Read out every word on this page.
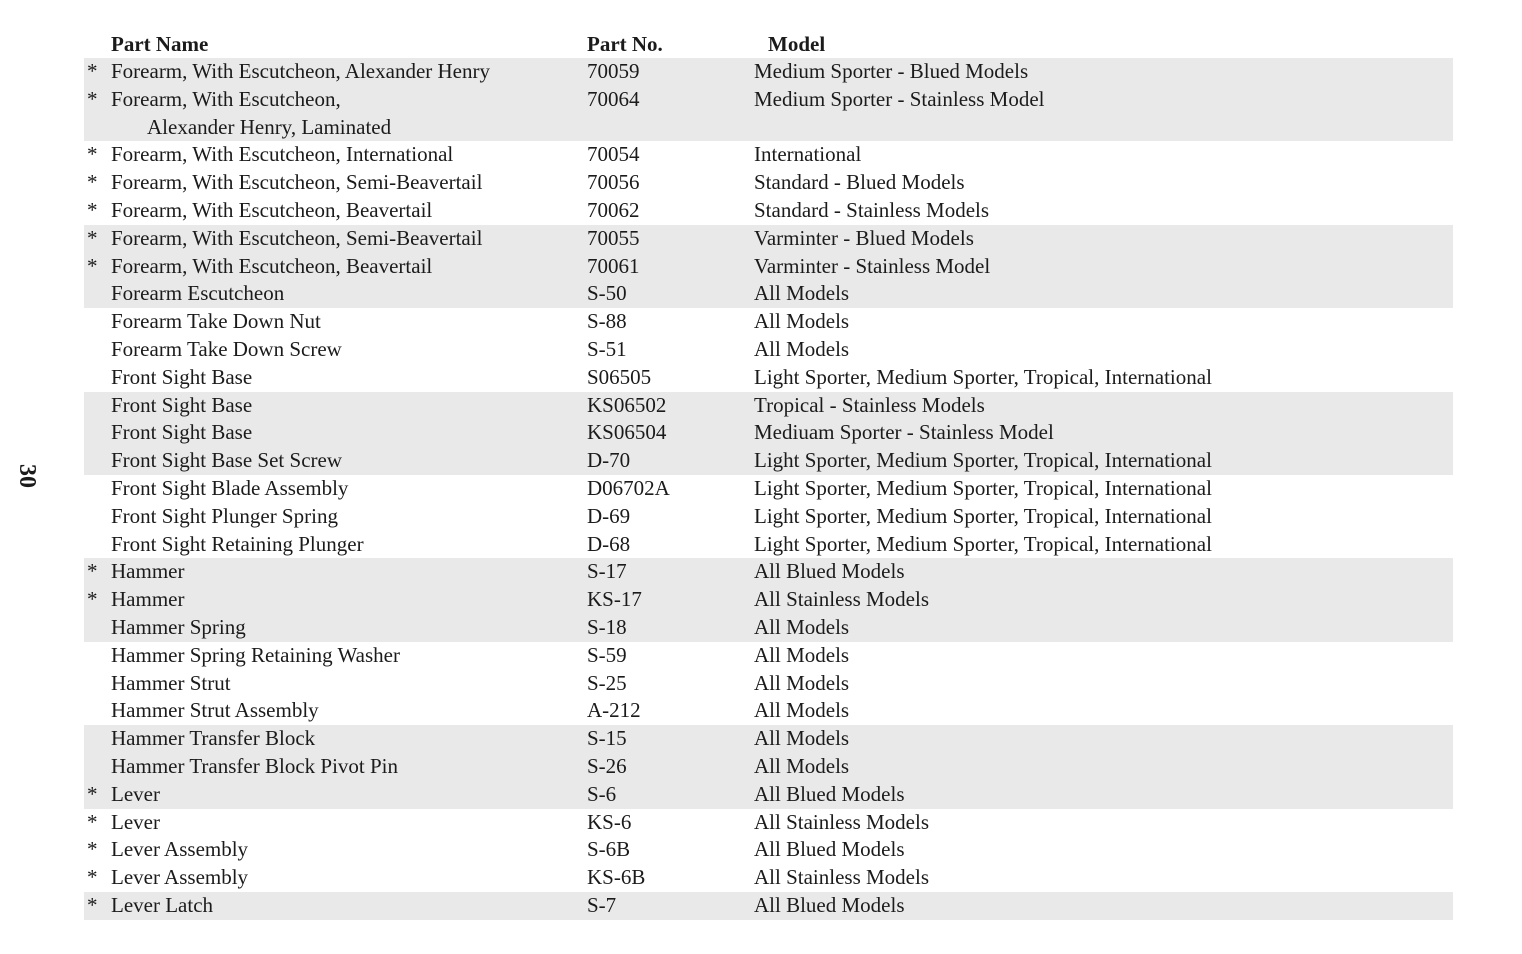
30
Part Name	Part No.	Model
* Forearm, With Escutcheon, Alexander Henry	70059	Medium Sporter - Blued Models
* Forearm, With Escutcheon,	70064	Medium Sporter - Stainless Model
Alexander Henry, Laminated
* Forearm, With Escutcheon, International	70054	International
* Forearm, With Escutcheon, Semi-Beavertail	70056	Standard - Blued Models
* Forearm, With Escutcheon, Beavertail	70062	Standard - Stainless Models
* Forearm, With Escutcheon, Semi-Beavertail	70055	Varminter - Blued Models
* Forearm, With Escutcheon, Beavertail	70061	Varminter - Stainless Model
Forearm Escutcheon	S-50	All Models
Forearm Take Down Nut	S-88	All Models
Forearm Take Down Screw	S-51	All Models
Front Sight Base	S06505	Light Sporter, Medium Sporter, Tropical, International
Front Sight Base	KS06502	Tropical - Stainless Models
Front Sight Base	KS06504	Mediuam Sporter - Stainless Model
Front Sight Base Set Screw	D-70	Light Sporter, Medium Sporter, Tropical, International
Front Sight Blade Assembly	D06702A	Light Sporter, Medium Sporter, Tropical, International
Front Sight Plunger Spring	D-69	Light Sporter, Medium Sporter, Tropical, International
Front Sight Retaining Plunger	D-68	Light Sporter, Medium Sporter, Tropical, International
* Hammer	S-17	All Blued Models
* Hammer	KS-17	All Stainless Models
Hammer Spring	S-18	All Models
Hammer Spring Retaining Washer	S-59	All Models
Hammer Strut	S-25	All Models
Hammer Strut Assembly	A-212	All Models
Hammer Transfer Block	S-15	All Models
Hammer Transfer Block Pivot Pin	S-26	All Models
* Lever	S-6	All Blued Models
* Lever	KS-6	All Stainless Models
* Lever Assembly	S-6B	All Blued Models
* Lever Assembly	KS-6B	All Stainless Models
* Lever Latch	S-7	All Blued Models
